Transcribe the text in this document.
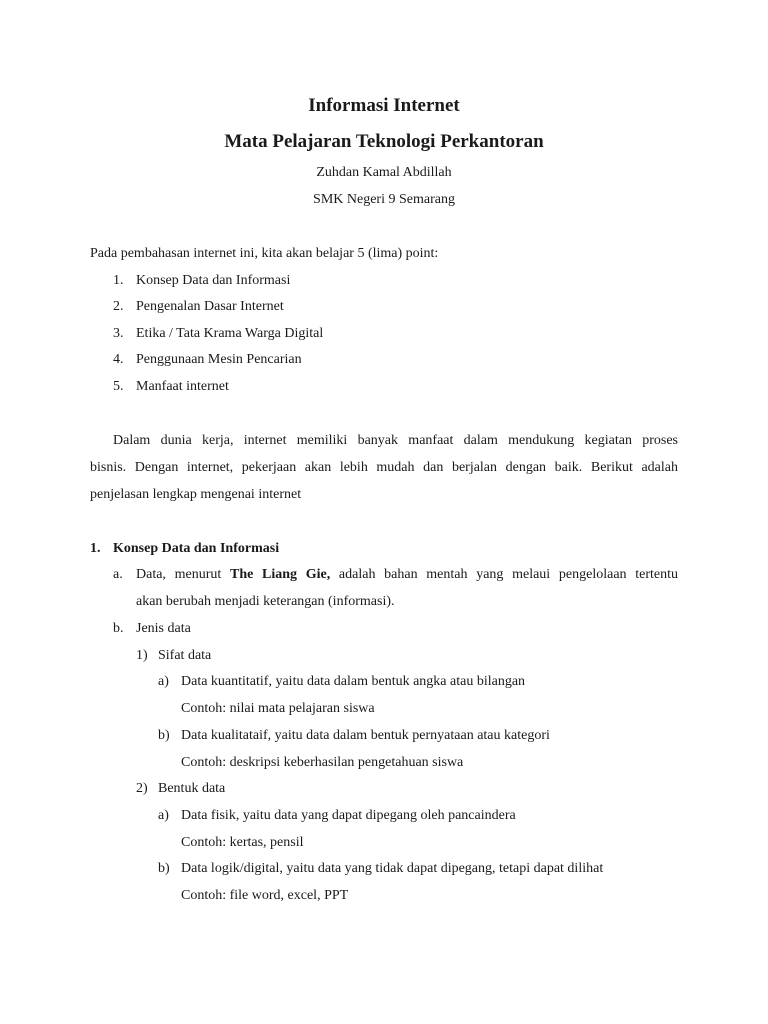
Informasi Internet
Mata Pelajaran Teknologi Perkantoran
Zuhdan Kamal Abdillah
SMK Negeri 9 Semarang
Pada pembahasan internet ini, kita akan belajar 5 (lima) point:
1. Konsep Data dan Informasi
2. Pengenalan Dasar Internet
3. Etika / Tata Krama Warga Digital
4. Penggunaan Mesin Pencarian
5. Manfaat internet
Dalam dunia kerja, internet memiliki banyak manfaat dalam mendukung kegiatan proses
bisnis. Dengan internet, pekerjaan akan lebih mudah dan berjalan dengan baik. Berikut adalah
penjelasan lengkap mengenai internet
1. Konsep Data dan Informasi
a. Data, menurut The Liang Gie, adalah bahan mentah yang melaui pengelolaan tertentu
akan berubah menjadi keterangan (informasi).
b. Jenis data
1) Sifat data
a) Data kuantitatif, yaitu data dalam bentuk angka atau bilangan
Contoh: nilai mata pelajaran siswa
b) Data kualitataif, yaitu data dalam bentuk pernyataan atau kategori
Contoh: deskripsi keberhasilan pengetahuan siswa
2) Bentuk data
a) Data fisik, yaitu data yang dapat dipegang oleh pancaindera
Contoh: kertas, pensil
b) Data logik/digital, yaitu data yang tidak dapat dipegang, tetapi dapat dilihat
Contoh: file word, excel, PPT
